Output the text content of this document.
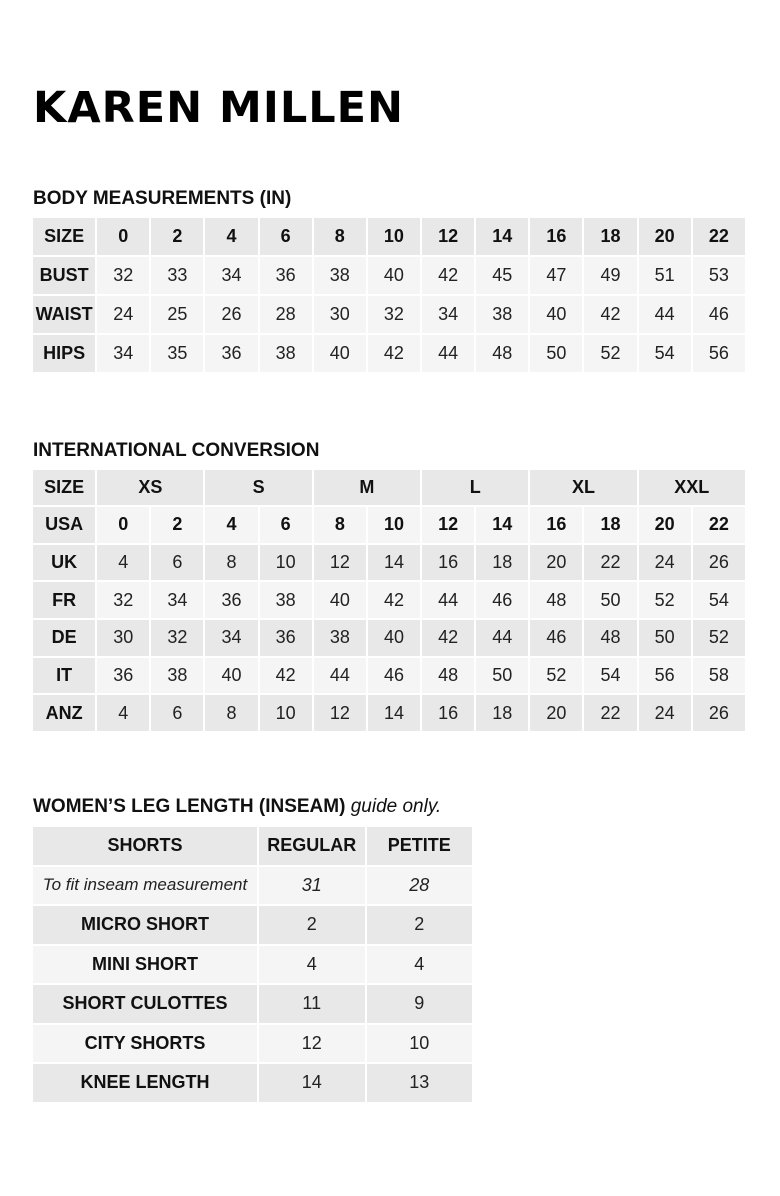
KAREN MILLEN
BODY MEASUREMENTS (IN)
SIZE	0	2	4	6	8	10	12	14	16	18	20	22
BUST	32	33	34	36	38	40	42	45	47	49	51	53
WAIST	24	25	26	28	30	32	34	38	40	42	44	46
HIPS	34	35	36	38	40	42	44	48	50	52	54	56
INTERNATIONAL CONVERSION
SIZE	XS		S		M		L		XL		XXL	
USA	0	2	4	6	8	10	12	14	16	18	20	22
UK	4	6	8	10	12	14	16	18	20	22	24	26
FR	32	34	36	38	40	42	44	46	48	50	52	54
DE	30	32	34	36	38	40	42	44	46	48	50	52
IT	36	38	40	42	44	46	48	50	52	54	56	58
ANZ	4	6	8	10	12	14	16	18	20	22	24	26
WOMEN’S LEG LENGTH (INSEAM) guide only.
SHORTS	REGULAR	PETITE
To fit inseam measurement	31	28
MICRO SHORT	2	2
MINI SHORT	4	4
SHORT CULOTTES	11	9
CITY SHORTS	12	10
KNEE LENGTH	14	13
